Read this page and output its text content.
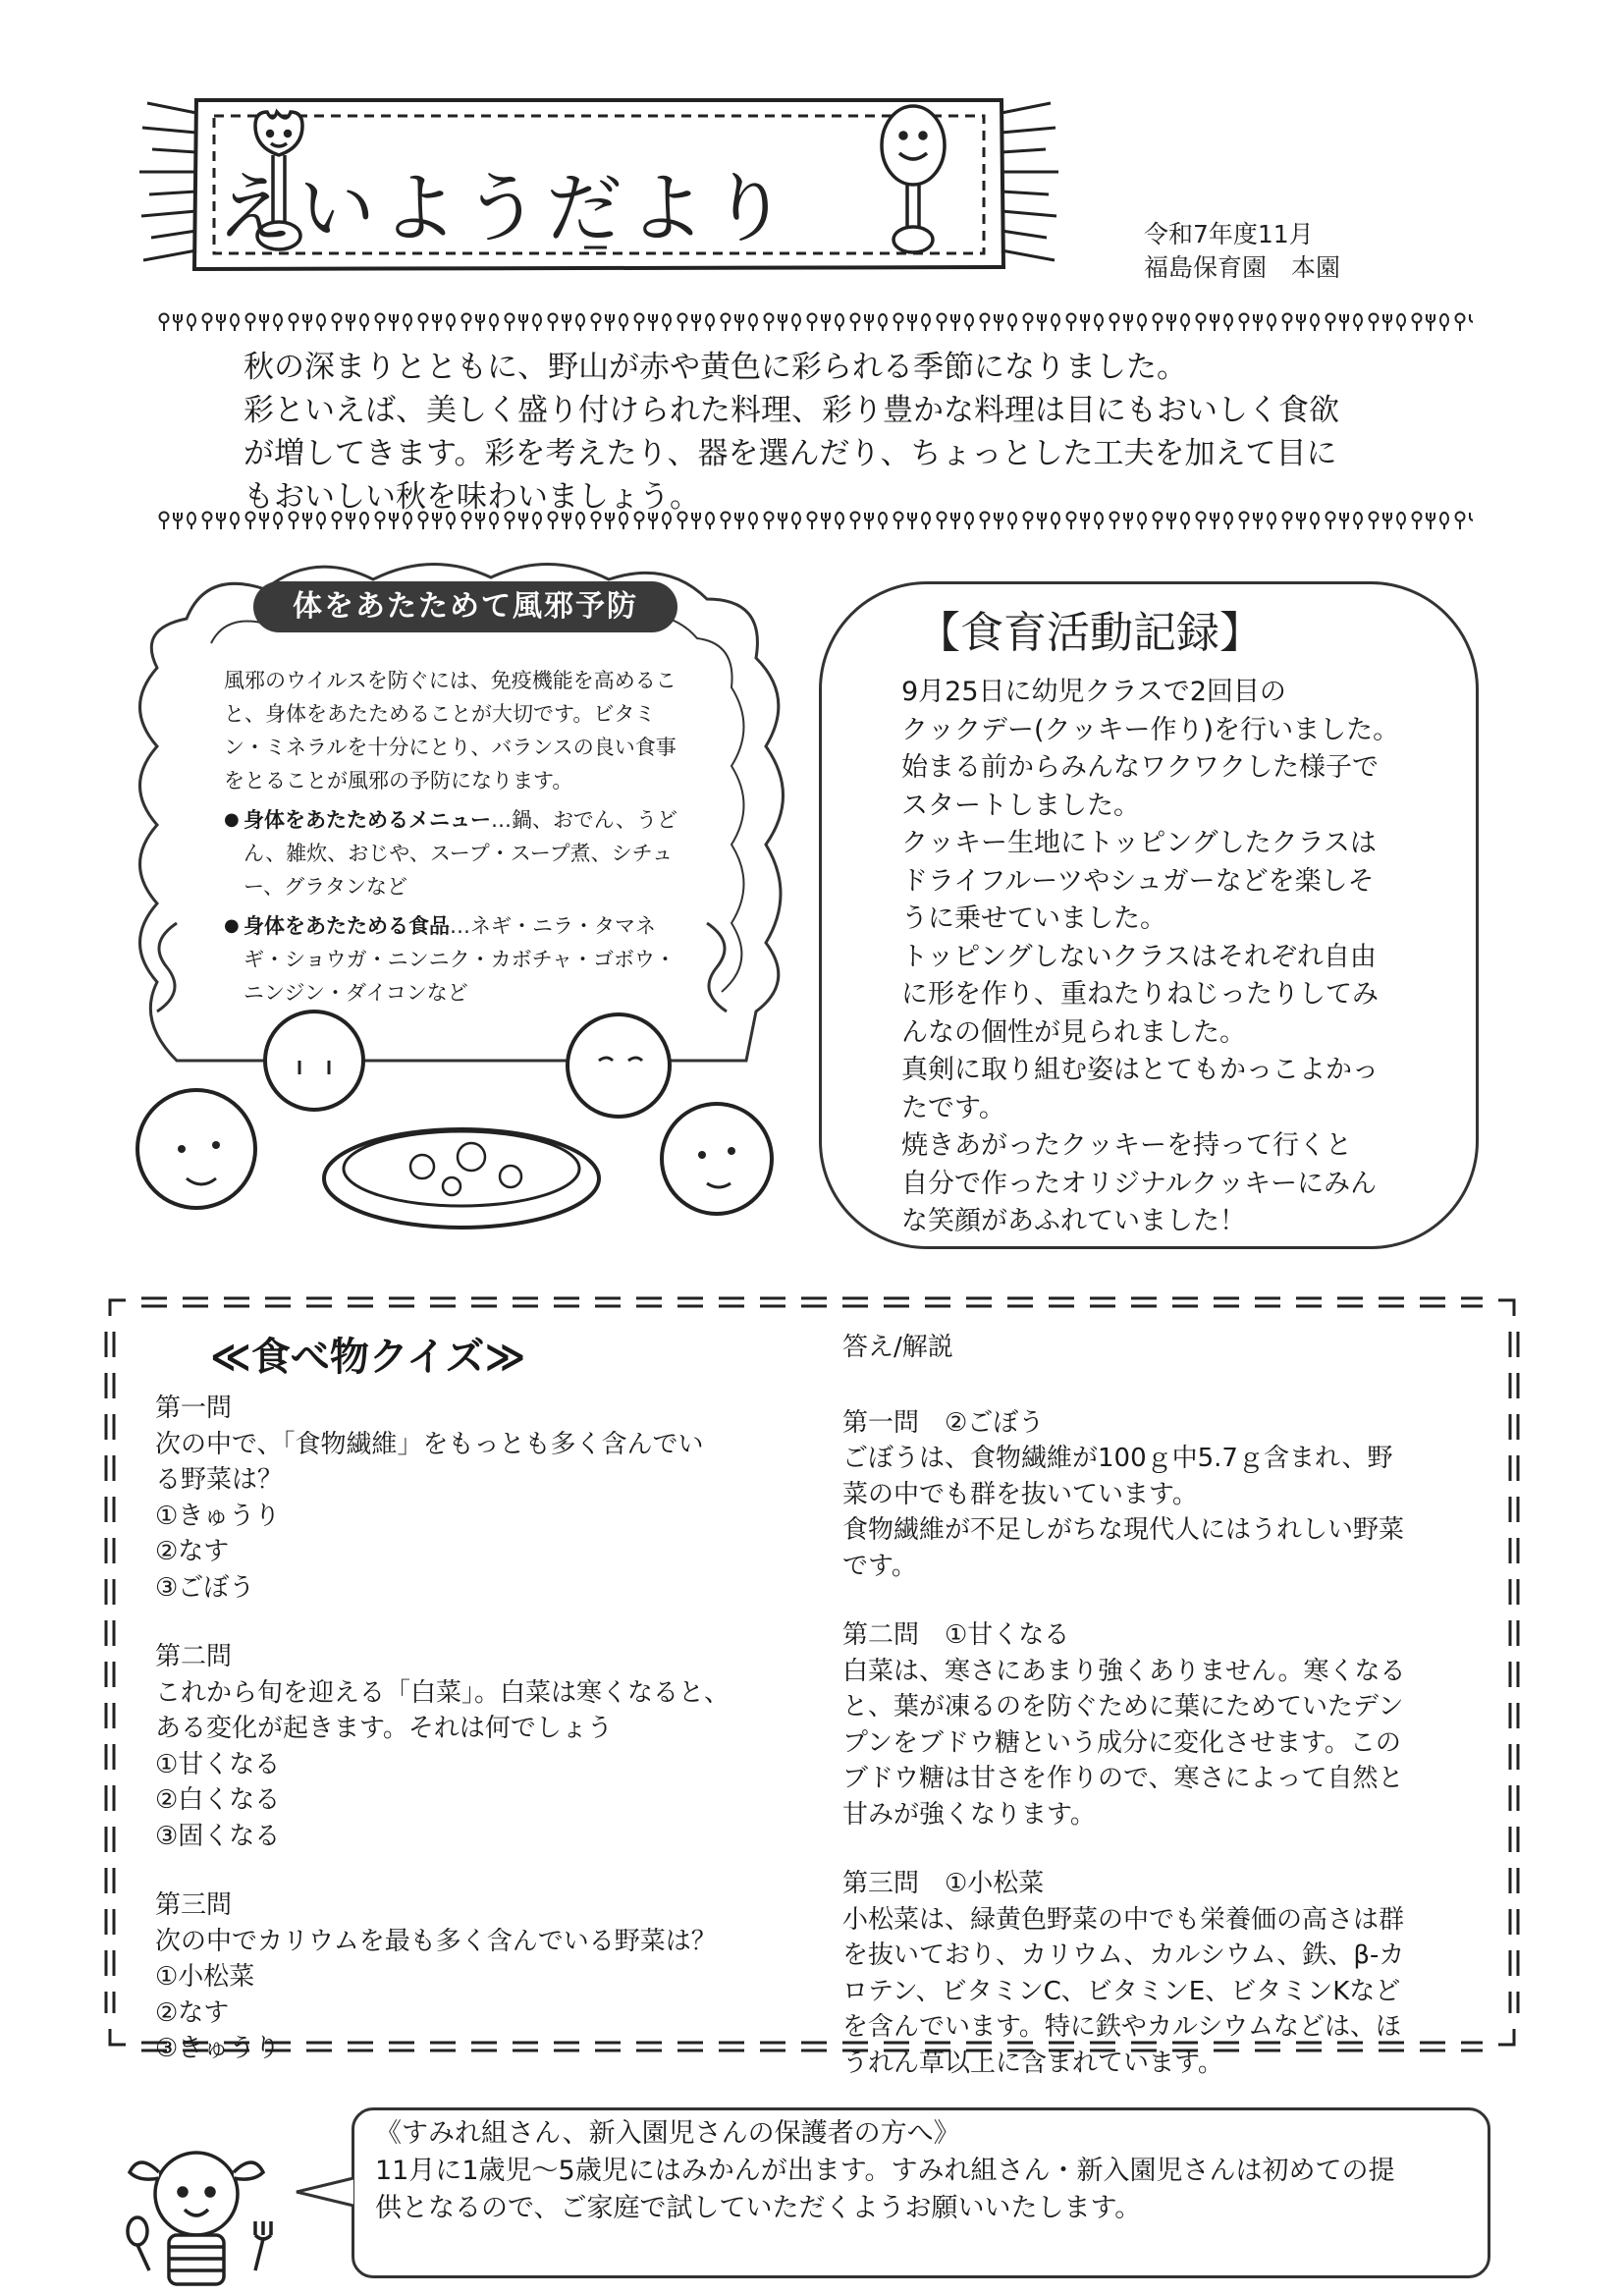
えいようだより	令和7年度11月
福島保育園　本園
秋の深まりとともに、野山が赤や黄色に彩られる季節になりました。
彩といえば、美しく盛り付けられた料理、彩り豊かな料理は目にもおいしく食欲
が増してきます。彩を考えたり、器を選んだり、ちょっとした工夫を加えて目に
もおいしい秋を味わいましょう。
体をあたためて風邪予防
風邪のウイルスを防ぐには、免疫機能を高めること、身体をあたためることが大切です。ビタミン・ミネラルを十分にとり、バランスの良い食事をとることが風邪の予防になります。
● 身体をあたためるメニュー…鍋、おでん、うどん、雑炊、おじや、スープ・スープ煮、シチュー、グラタンなど
● 身体をあたためる食品…ネギ・ニラ・タマネギ・ショウガ・ニンニク・カボチャ・ゴボウ・ニンジン・ダイコンなど
【食育活動記録】
9月25日に幼児クラスで2回目の
クックデー(クッキー作り)を行いました。
始まる前からみんなワクワクした様子で
スタートしました。
クッキー生地にトッピングしたクラスは
ドライフルーツやシュガーなどを楽しそ
うに乗せていました。
トッピングしないクラスはそれぞれ自由
に形を作り、重ねたりねじったりしてみ
んなの個性が見られました。
真剣に取り組む姿はとてもかっこよかっ
たです。
焼きあがったクッキーを持って行くと
自分で作ったオリジナルクッキーにみん
な笑顔があふれていました！
≪食べ物クイズ≫
第一問
次の中で、「食物繊維」をもっとも多く含んでい
る野菜は？
①きゅうり
②なす
③ごぼう
第二問
これから旬を迎える「白菜」。白菜は寒くなると、
ある変化が起きます。それは何でしょう
①甘くなる
②白くなる
③固くなる
第三問
次の中でカリウムを最も多く含んでいる野菜は？
①小松菜
②なす
③きゅうり
答え/解説
第一問　②ごぼう
ごぼうは、食物繊維が100ｇ中5.7ｇ含まれ、野
菜の中でも群を抜いています。
食物繊維が不足しがちな現代人にはうれしい野菜
です。
第二問　①甘くなる
白菜は、寒さにあまり強くありません。寒くなる
と、葉が凍るのを防ぐために葉にためていたデン
プンをブドウ糖という成分に変化させます。この
ブドウ糖は甘さを作りので、寒さによって自然と
甘みが強くなります。
第三問　①小松菜
小松菜は、緑黄色野菜の中でも栄養価の高さは群
を抜いており、カリウム、カルシウム、鉄、β-カ
ロテン、ビタミンC、ビタミンE、ビタミンKなど
を含んでいます。特に鉄やカルシウムなどは、ほ
うれん草以上に含まれています。
《すみれ組さん、新入園児さんの保護者の方へ》
11月に1歳児～5歳児にはみかんが出ます。すみれ組さん・新入園児さんは初めての提
供となるので、ご家庭で試していただくようお願いいたします。
